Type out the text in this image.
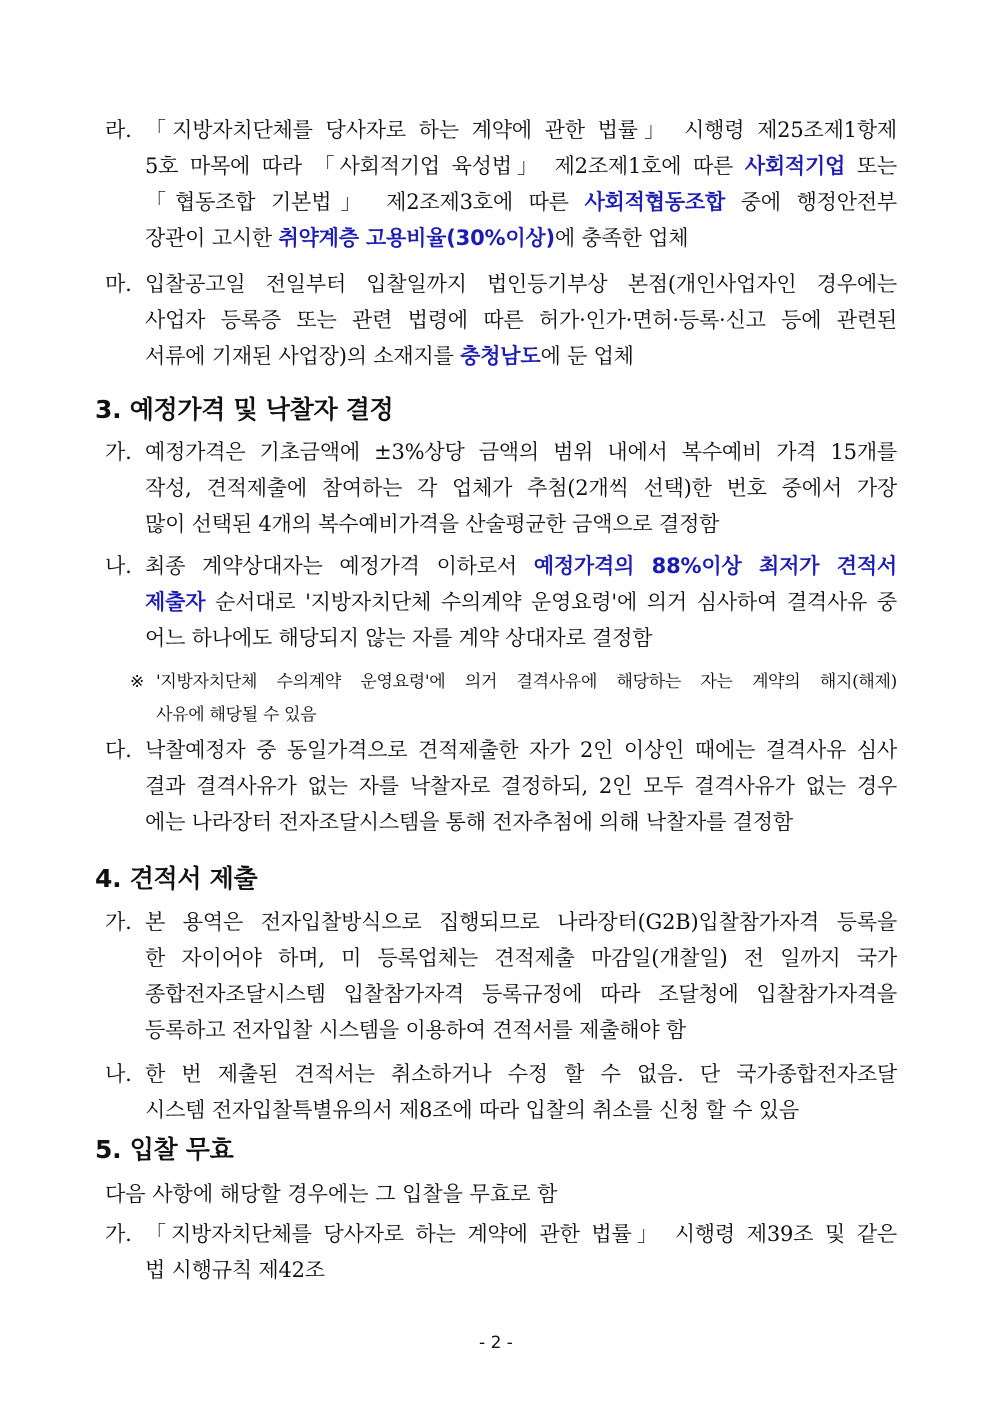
라. 「지방자치단체를 당사자로 하는 계약에 관한 법률」 시행령 제25조제1항제
5호 마목에 따라 「사회적기업 육성법」 제2조제1호에 따른 사회적기업 또는
「협동조합 기본법」 제2조제3호에 따른 사회적협동조합 중에 행정안전부
장관이 고시한 취약계층 고용비율(30%이상)에 충족한 업체
마. 입찰공고일 전일부터 입찰일까지 법인등기부상 본점(개인사업자인 경우에는
사업자 등록증 또는 관련 법령에 따른 허가·인가·면허·등록·신고 등에 관련된
서류에 기재된 사업장)의 소재지를 충청남도에 둔 업체
3. 예정가격 및 낙찰자 결정
가. 예정가격은 기초금액에 ±3%상당 금액의 범위 내에서 복수예비 가격 15개를
작성, 견적제출에 참여하는 각 업체가 추첨(2개씩 선택)한 번호 중에서 가장
많이 선택된 4개의 복수예비가격을 산술평균한 금액으로 결정함
나. 최종 계약상대자는 예정가격 이하로서 예정가격의 88%이상 최저가 견적서
제출자 순서대로 '지방자치단체 수의계약 운영요령'에 의거 심사하여 결격사유 중
어느 하나에도 해당되지 않는 자를 계약 상대자로 결정함
※ '지방자치단체 수의계약 운영요령'에 의거 결격사유에 해당하는 자는 계약의 해지(해제)
사유에 해당될 수 있음
다. 낙찰예정자 중 동일가격으로 견적제출한 자가 2인 이상인 때에는 결격사유 심사
결과 결격사유가 없는 자를 낙찰자로 결정하되, 2인 모두 결격사유가 없는 경우
에는 나라장터 전자조달시스템을 통해 전자추첨에 의해 낙찰자를 결정함
4. 견적서 제출
가. 본 용역은 전자입찰방식으로 집행되므로 나라장터(G2B)입찰참가자격 등록을
한 자이어야 하며, 미 등록업체는 견적제출 마감일(개찰일) 전 일까지 국가
종합전자조달시스템 입찰참가자격 등록규정에 따라 조달청에 입찰참가자격을
등록하고 전자입찰 시스템을 이용하여 견적서를 제출해야 함
나. 한 번 제출된 견적서는 취소하거나 수정 할 수 없음. 단 국가종합전자조달
시스템 전자입찰특별유의서 제8조에 따라 입찰의 취소를 신청 할 수 있음
5. 입찰 무효
다음 사항에 해당할 경우에는 그 입찰을 무효로 함
가. 「지방자치단체를 당사자로 하는 계약에 관한 법률」 시행령 제39조 및 같은
법 시행규칙 제42조
- 2 -
